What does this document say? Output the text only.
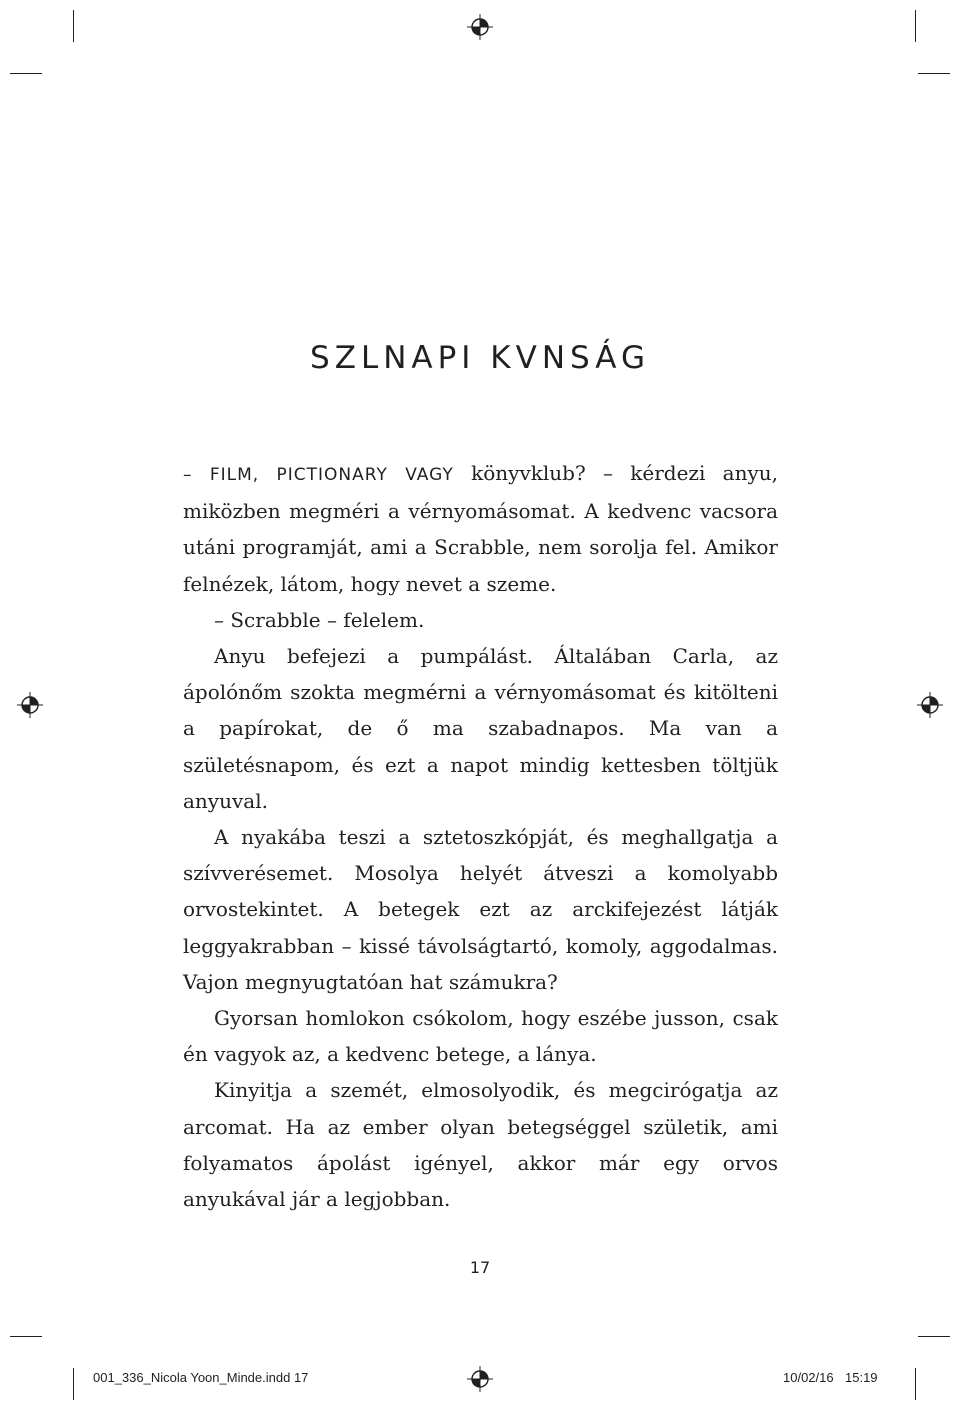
SZLNAPI KVNSÁG

– FILM, PICTIONARY VAGY könyvklub? – kérdezi anyu, miközben megméri a vérnyomásomat. A kedvenc vacsora utáni programját, ami a Scrabble, nem sorolja fel. Amikor felnézek, látom, hogy nevet a szeme.

– Scrabble – felelem.

Anyu befejezi a pumpálást. Általában Carla, az ápolónőm szokta megmérni a vérnyomásomat és kitölteni a papírokat, de ő ma szabadnapos. Ma van a születésnapom, és ezt a napot mindig kettesben töltjük anyuval.

A nyakába teszi a sztetoszkópját, és meghallgatja a szívverésemet. Mosolya helyét átveszi a komolyabb orvostekintet. A betegek ezt az arckifejezést látják leggyakrabban – kissé távolságtartó, komoly, aggodalmas. Vajon megnyugtatóan hat számukra?

Gyorsan homlokon csókolom, hogy eszébe jusson, csak én vagyok az, a kedvenc betege, a lánya.

Kinyitja a szemét, elmosolyodik, és megcirógatja az arcomat. Ha az ember olyan betegséggel születik, ami folyamatos ápolást igényel, akkor már egy orvos anyukával jár a legjobban.

17
001_336_Nicola Yoon_Minde.indd 17	10/02/16 15:19
